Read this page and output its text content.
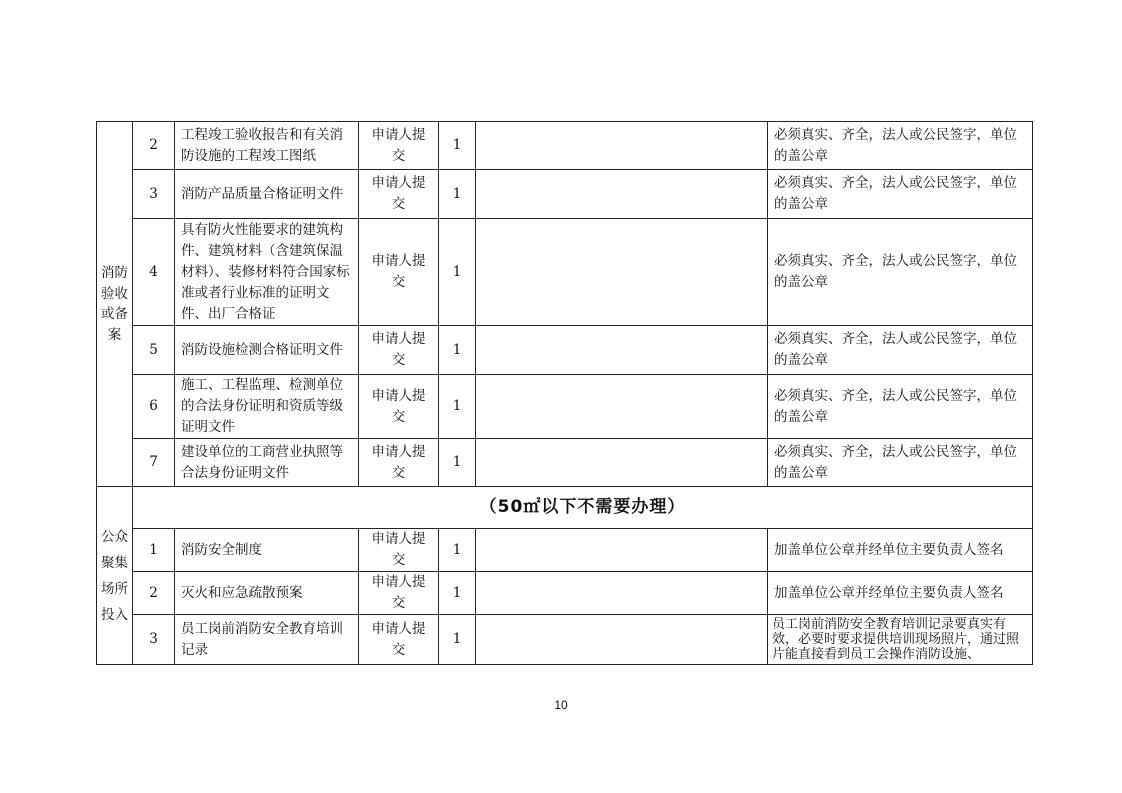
消防验收或备案	2	工程竣工验收报告和有关消防设施的工程竣工图纸	申请人提交	1		必须真实、齐全，法人或公民签字，单位的盖公章
	3	消防产品质量合格证明文件	申请人提交	1		必须真实、齐全，法人或公民签字，单位的盖公章
	4	具有防火性能要求的建筑构件、建筑材料（含建筑保温材料）、装修材料符合国家标准或者行业标准的证明文件、出厂合格证	申请人提交	1		必须真实、齐全，法人或公民签字，单位的盖公章
	5	消防设施检测合格证明文件	申请人提交	1		必须真实、齐全，法人或公民签字，单位的盖公章
	6	施工、工程监理、检测单位的合法身份证明和资质等级证明文件	申请人提交	1		必须真实、齐全，法人或公民签字，单位的盖公章
	7	建设单位的工商营业执照等合法身份证明文件	申请人提交	1		必须真实、齐全，法人或公民签字，单位的盖公章
公众聚集场所投入	（50㎡以下不需要办理）					
	1	消防安全制度	申请人提交	1		加盖单位公章并经单位主要负责人签名
	2	灭火和应急疏散预案	申请人提交	1		加盖单位公章并经单位主要负责人签名
	3	员工岗前消防安全教育培训记录	申请人提交	1		员工岗前消防安全教育培训记录要真实有效，必要时要求提供培训现场照片，通过照片能直接看到员工会操作消防设施、
10
